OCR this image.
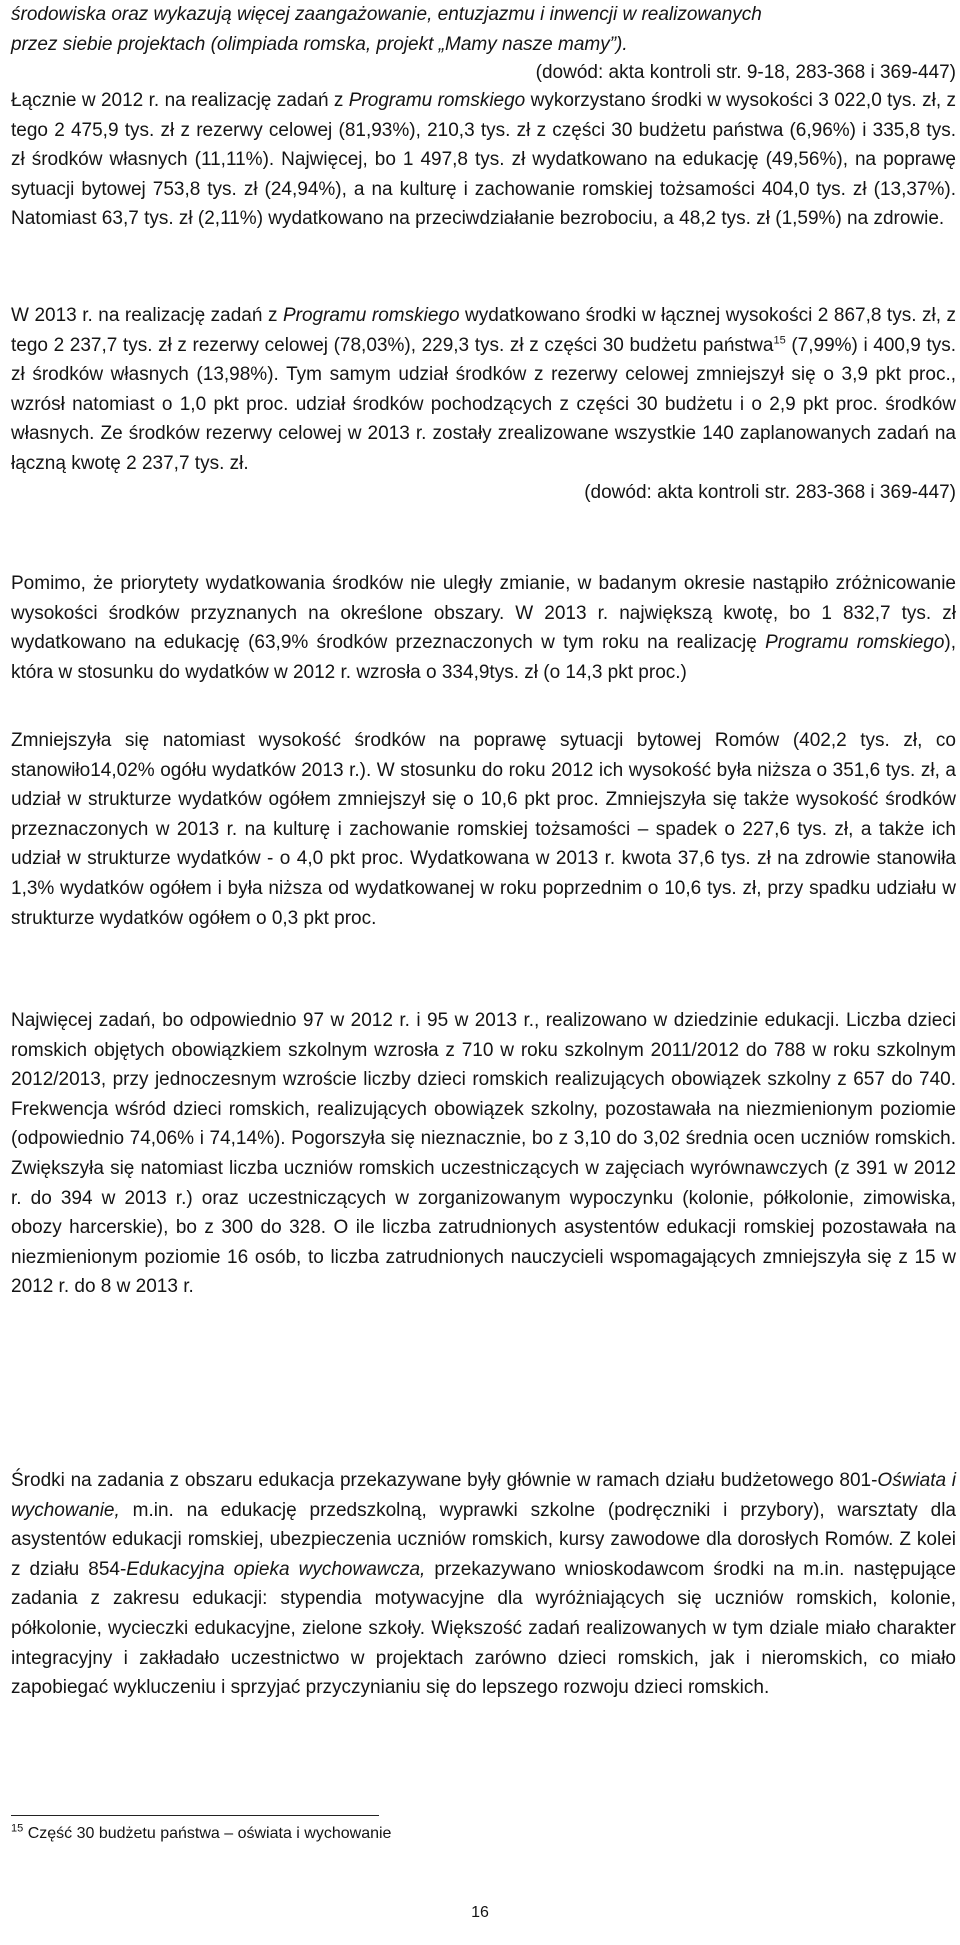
środowiska oraz wykazują więcej zaangażowanie, entuzjazmu i inwencji w realizowanych

przez siebie projektach (olimpiada romska, projekt „Mamy nasze mamy”).

(dowód: akta kontroli str. 9-18, 283-368 i 369-447)

Łącznie w 2012 r. na realizację zadań z Programu romskiego wykorzystano środki w wysokości 3 022,0 tys. zł, z tego 2 475,9 tys. zł z rezerwy celowej (81,93%), 210,3 tys. zł z części 30 budżetu państwa (6,96%) i 335,8 tys. zł środków własnych (11,11%). Najwięcej, bo 1 497,8 tys. zł wydatkowano na edukację (49,56%), na poprawę sytuacji bytowej 753,8 tys. zł (24,94%), a na kulturę i zachowanie romskiej tożsamości 404,0 tys. zł (13,37%). Natomiast 63,7 tys. zł (2,11%) wydatkowano na przeciwdziałanie bezrobociu, a 48,2 tys. zł (1,59%) na zdrowie.

W 2013 r. na realizację zadań z Programu romskiego wydatkowano środki w łącznej wysokości 2 867,8 tys. zł, z tego 2 237,7 tys. zł z rezerwy celowej (78,03%), 229,3 tys. zł z części 30 budżetu państwa$^{15}$ (7,99%) i 400,9 tys. zł środków własnych (13,98%). Tym samym udział środków z rezerwy celowej zmniejszył się o 3,9 pkt proc., wzrósł natomiast o 1,0 pkt proc. udział środków pochodzących z części 30 budżetu i o 2,9 pkt proc. środków własnych. Ze środków rezerwy celowej w 2013 r. zostały zrealizowane wszystkie 140 zaplanowanych zadań na łączną kwotę 2 237,7 tys. zł.

(dowód: akta kontroli str. 283-368 i 369-447)

Pomimo, że priorytety wydatkowania środków nie uległy zmianie, w badanym okresie nastąpiło zróżnicowanie wysokości środków przyznanych na określone obszary. W 2013 r. największą kwotę, bo 1 832,7 tys. zł wydatkowano na edukację (63,9% środków przeznaczonych w tym roku na realizację Programu romskiego), która w stosunku do wydatków w 2012 r. wzrosła o 334,9tys. zł (o 14,3 pkt proc.)

Zmniejszyła się natomiast wysokość środków na poprawę sytuacji bytowej Romów (402,2 tys. zł, co stanowiło14,02% ogółu wydatków 2013 r.). W stosunku do roku 2012 ich wysokość była niższa o 351,6 tys. zł, a udział w strukturze wydatków ogółem zmniejszył się o 10,6 pkt proc. Zmniejszyła się także wysokość środków przeznaczonych w 2013 r. na kulturę i zachowanie romskiej tożsamości – spadek o 227,6 tys. zł, a także ich udział w strukturze wydatków - o 4,0 pkt proc. Wydatkowana w 2013 r. kwota 37,6 tys. zł na zdrowie stanowiła 1,3% wydatków ogółem i była niższa od wydatkowanej w roku poprzednim o 10,6 tys. zł, przy spadku udziału w strukturze wydatków ogółem o 0,3 pkt proc.

Najwięcej zadań, bo odpowiednio 97 w 2012 r. i 95 w 2013 r., realizowano w dziedzinie edukacji. Liczba dzieci romskich objętych obowiązkiem szkolnym wzrosła z 710 w roku szkolnym 2011/2012 do 788 w roku szkolnym 2012/2013, przy jednoczesnym wzroście liczby dzieci romskich realizujących obowiązek szkolny z 657 do 740. Frekwencja wśród dzieci romskich, realizujących obowiązek szkolny, pozostawała na niezmienionym poziomie (odpowiednio 74,06% i 74,14%). Pogorszyła się nieznacznie, bo z 3,10 do 3,02 średnia ocen uczniów romskich. Zwiększyła się natomiast liczba uczniów romskich uczestniczących w zajęciach wyrównawczych (z 391 w 2012 r. do 394 w 2013 r.) oraz uczestniczących w zorganizowanym wypoczynku (kolonie, półkolonie, zimowiska, obozy harcerskie), bo z 300 do 328. O ile liczba zatrudnionych asystentów edukacji romskiej pozostawała na niezmienionym poziomie 16 osób, to liczba zatrudnionych nauczycieli wspomagających zmniejszyła się z 15 w 2012 r. do 8 w 2013 r.

Środki na zadania z obszaru edukacja przekazywane były głównie w ramach działu budżetowego 801-Oświata i wychowanie, m.in. na edukację przedszkolną, wyprawki szkolne (podręczniki i przybory), warsztaty dla asystentów edukacji romskiej, ubezpieczenia uczniów romskich, kursy zawodowe dla dorosłych Romów. Z kolei z działu 854-Edukacyjna opieka wychowawcza, przekazywano wnioskodawcom środki na m.in. następujące zadania z zakresu edukacji: stypendia motywacyjne dla wyróżniających się uczniów romskich, kolonie, półkolonie, wycieczki edukacyjne, zielone szkoły. Większość zadań realizowanych w tym dziale miało charakter integracyjny i zakładało uczestnictwo w projektach zarówno dzieci romskich, jak i nieromskich, co miało zapobiegać wykluczeniu i sprzyjać przyczynianiu się do lepszego rozwoju dzieci romskich.

$^{15}$ Część 30 budżetu państwa – oświata i wychowanie
16
